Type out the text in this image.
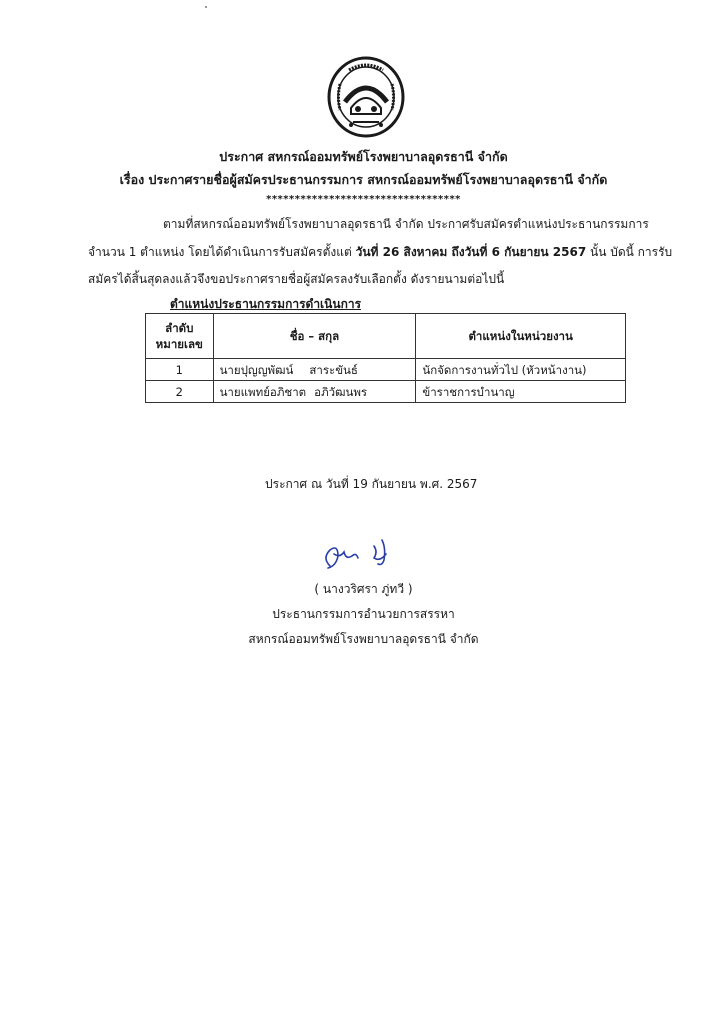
ประกาศ สหกรณ์ออมทรัพย์โรงพยาบาลอุดรธานี จำกัด
เรื่อง ประกาศรายชื่อผู้สมัครประธานกรรมการ สหกรณ์ออมทรัพย์โรงพยาบาลอุดรธานี จำกัด
**********************************
ตามที่สหกรณ์ออมทรัพย์โรงพยาบาลอุดรธานี จำกัด ประกาศรับสมัครตำแหน่งประธานกรรมการ
จำนวน 1 ตำแหน่ง โดยได้ดำเนินการรับสมัครตั้งแต่ วันที่ 26 สิงหาคม ถึงวันที่ 6 กันยายน 2567 นั้น บัดนี้ การรับ
สมัครได้สิ้นสุดลงแล้วจึงขอประกาศรายชื่อผู้สมัครลงรับเลือกตั้ง ดังรายนามต่อไปนี้
ตำแหน่งประธานกรรมการดำเนินการ
ลำดับ
หมายเลข	ชื่อ – สกุล	ตำแหน่งในหน่วยงาน
1	นายปุญญพัฒน์ สาระขันธ์	นักจัดการงานทั่วไป (หัวหน้างาน)
2	นายแพทย์อภิชาต อภิวัฒนพร	ข้าราชการบำนาญ
ประกาศ ณ วันที่ 19 กันยายน พ.ศ. 2567
( นางวริศรา ภู่ทวี )
ประธานกรรมการอำนวยการสรรหา
สหกรณ์ออมทรัพย์โรงพยาบาลอุดรธานี จำกัด
